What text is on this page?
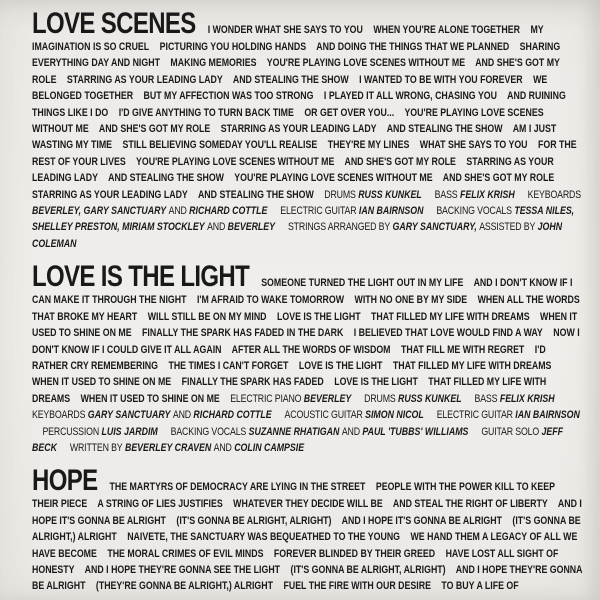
LOVE SCENES I WONDER WHAT SHE SAYS TO YOU WHEN YOU'RE ALONE TOGETHER MY IMAGINATION IS SO CRUEL PICTURING YOU HOLDING HANDS AND DOING THE THINGS THAT WE PLANNED SHARING EVERYTHING DAY AND NIGHT MAKING MEMORIES YOU'RE PLAYING LOVE SCENES WITHOUT ME AND SHE'S GOT MY ROLE STARRING AS YOUR LEADING LADY AND STEALING THE SHOW I WANTED TO BE WITH YOU FOREVER WE BELONGED TOGETHER BUT MY AFFECTION WAS TOO STRONG I PLAYED IT ALL WRONG, CHASING YOU AND RUINING THINGS LIKE I DO I'D GIVE ANYTHING TO TURN BACK TIME OR GET OVER YOU... YOU'RE PLAYING LOVE SCENES WITHOUT ME AND SHE'S GOT MY ROLE STARRING AS YOUR LEADING LADY AND STEALING THE SHOW AM I JUST WASTING MY TIME STILL BELIEVING SOMEDAY YOU'LL REALISE THEY'RE MY LINES WHAT SHE SAYS TO YOU FOR THE REST OF YOUR LIVES YOU'RE PLAYING LOVE SCENES WITHOUT ME AND SHE'S GOT MY ROLE STARRING AS YOUR LEADING LADY AND STEALING THE SHOW YOU'RE PLAYING LOVE SCENES WITHOUT ME AND SHE'S GOT MY ROLE STARRING AS YOUR LEADING LADY AND STEALING THE SHOW DRUMS RUSS KUNKEL BASS FELIX KRISH KEYBOARDS BEVERLEY, GARY SANCTUARY AND RICHARD COTTLE ELECTRIC GUITAR IAN BAIRNSON BACKING VOCALS TESSA NILES, SHELLEY PRESTON, MIRIAM STOCKLEY AND BEVERLEY STRINGS ARRANGED BY GARY SANCTUARY, ASSISTED BY JOHN COLEMAN
LOVE IS THE LIGHT SOMEONE TURNED THE LIGHT OUT IN MY LIFE AND I DON'T KNOW IF I CAN MAKE IT THROUGH THE NIGHT I'M AFRAID TO WAKE TOMORROW WITH NO ONE BY MY SIDE WHEN ALL THE WORDS THAT BROKE MY HEART WILL STILL BE ON MY MIND LOVE IS THE LIGHT THAT FILLED MY LIFE WITH DREAMS WHEN IT USED TO SHINE ON ME FINALLY THE SPARK HAS FADED IN THE DARK I BELIEVED THAT LOVE WOULD FIND A WAY NOW I DON'T KNOW IF I COULD GIVE IT ALL AGAIN AFTER ALL THE WORDS OF WISDOM THAT FILL ME WITH REGRET I'D RATHER CRY REMEMBERING THE TIMES I CAN'T FORGET LOVE IS THE LIGHT THAT FILLED MY LIFE WITH DREAMS WHEN IT USED TO SHINE ON ME FINALLY THE SPARK HAS FADED LOVE IS THE LIGHT THAT FILLED MY LIFE WITH DREAMS WHEN IT USED TO SHINE ON ME ELECTRIC PIANO BEVERLEY DRUMS RUSS KUNKEL BASS FELIX KRISH  KEYBOARDS GARY SANCTUARY AND RICHARD COTTLE ACOUSTIC GUITAR SIMON NICOL ELECTRIC GUITAR IAN BAIRNSON  PERCUSSION LUIS JARDIM BACKING VOCALS SUZANNE RHATIGAN AND PAUL 'TUBBS' WILLIAMS GUITAR SOLO JEFF BECK WRITTEN BY BEVERLEY CRAVEN AND COLIN CAMPSIE
HOPE THE MARTYRS OF DEMOCRACY ARE LYING IN THE STREET PEOPLE WITH THE POWER KILL TO KEEP THEIR PIECE A STRING OF LIES JUSTIFIES WHATEVER THEY DECIDE WILL BE AND STEAL THE RIGHT OF LIBERTY AND I HOPE IT'S GONNA BE ALRIGHT (IT'S GONNA BE ALRIGHT, ALRIGHT) AND I HOPE IT'S GONNA BE ALRIGHT (IT'S GONNA BE ALRIGHT,) ALRIGHT NAIVETE, THE SANCTUARY WAS BEQUEATHED TO THE YOUNG WE HAND THEM A LEGACY OF ALL WE HAVE BECOME THE MORAL CRIMES OF EVIL MINDS FOREVER BLINDED BY THEIR GREED HAVE LOST ALL SIGHT OF HONESTY AND I HOPE THEY'RE GONNA SEE THE LIGHT (IT'S GONNA BE ALRIGHT, ALRIGHT) AND I HOPE THEY'RE GONNA BE ALRIGHT (THEY'RE GONNA BE ALRIGHT,) ALRIGHT FUEL THE FIRE WITH OUR DESIRE TO BUY A LIFE OF
